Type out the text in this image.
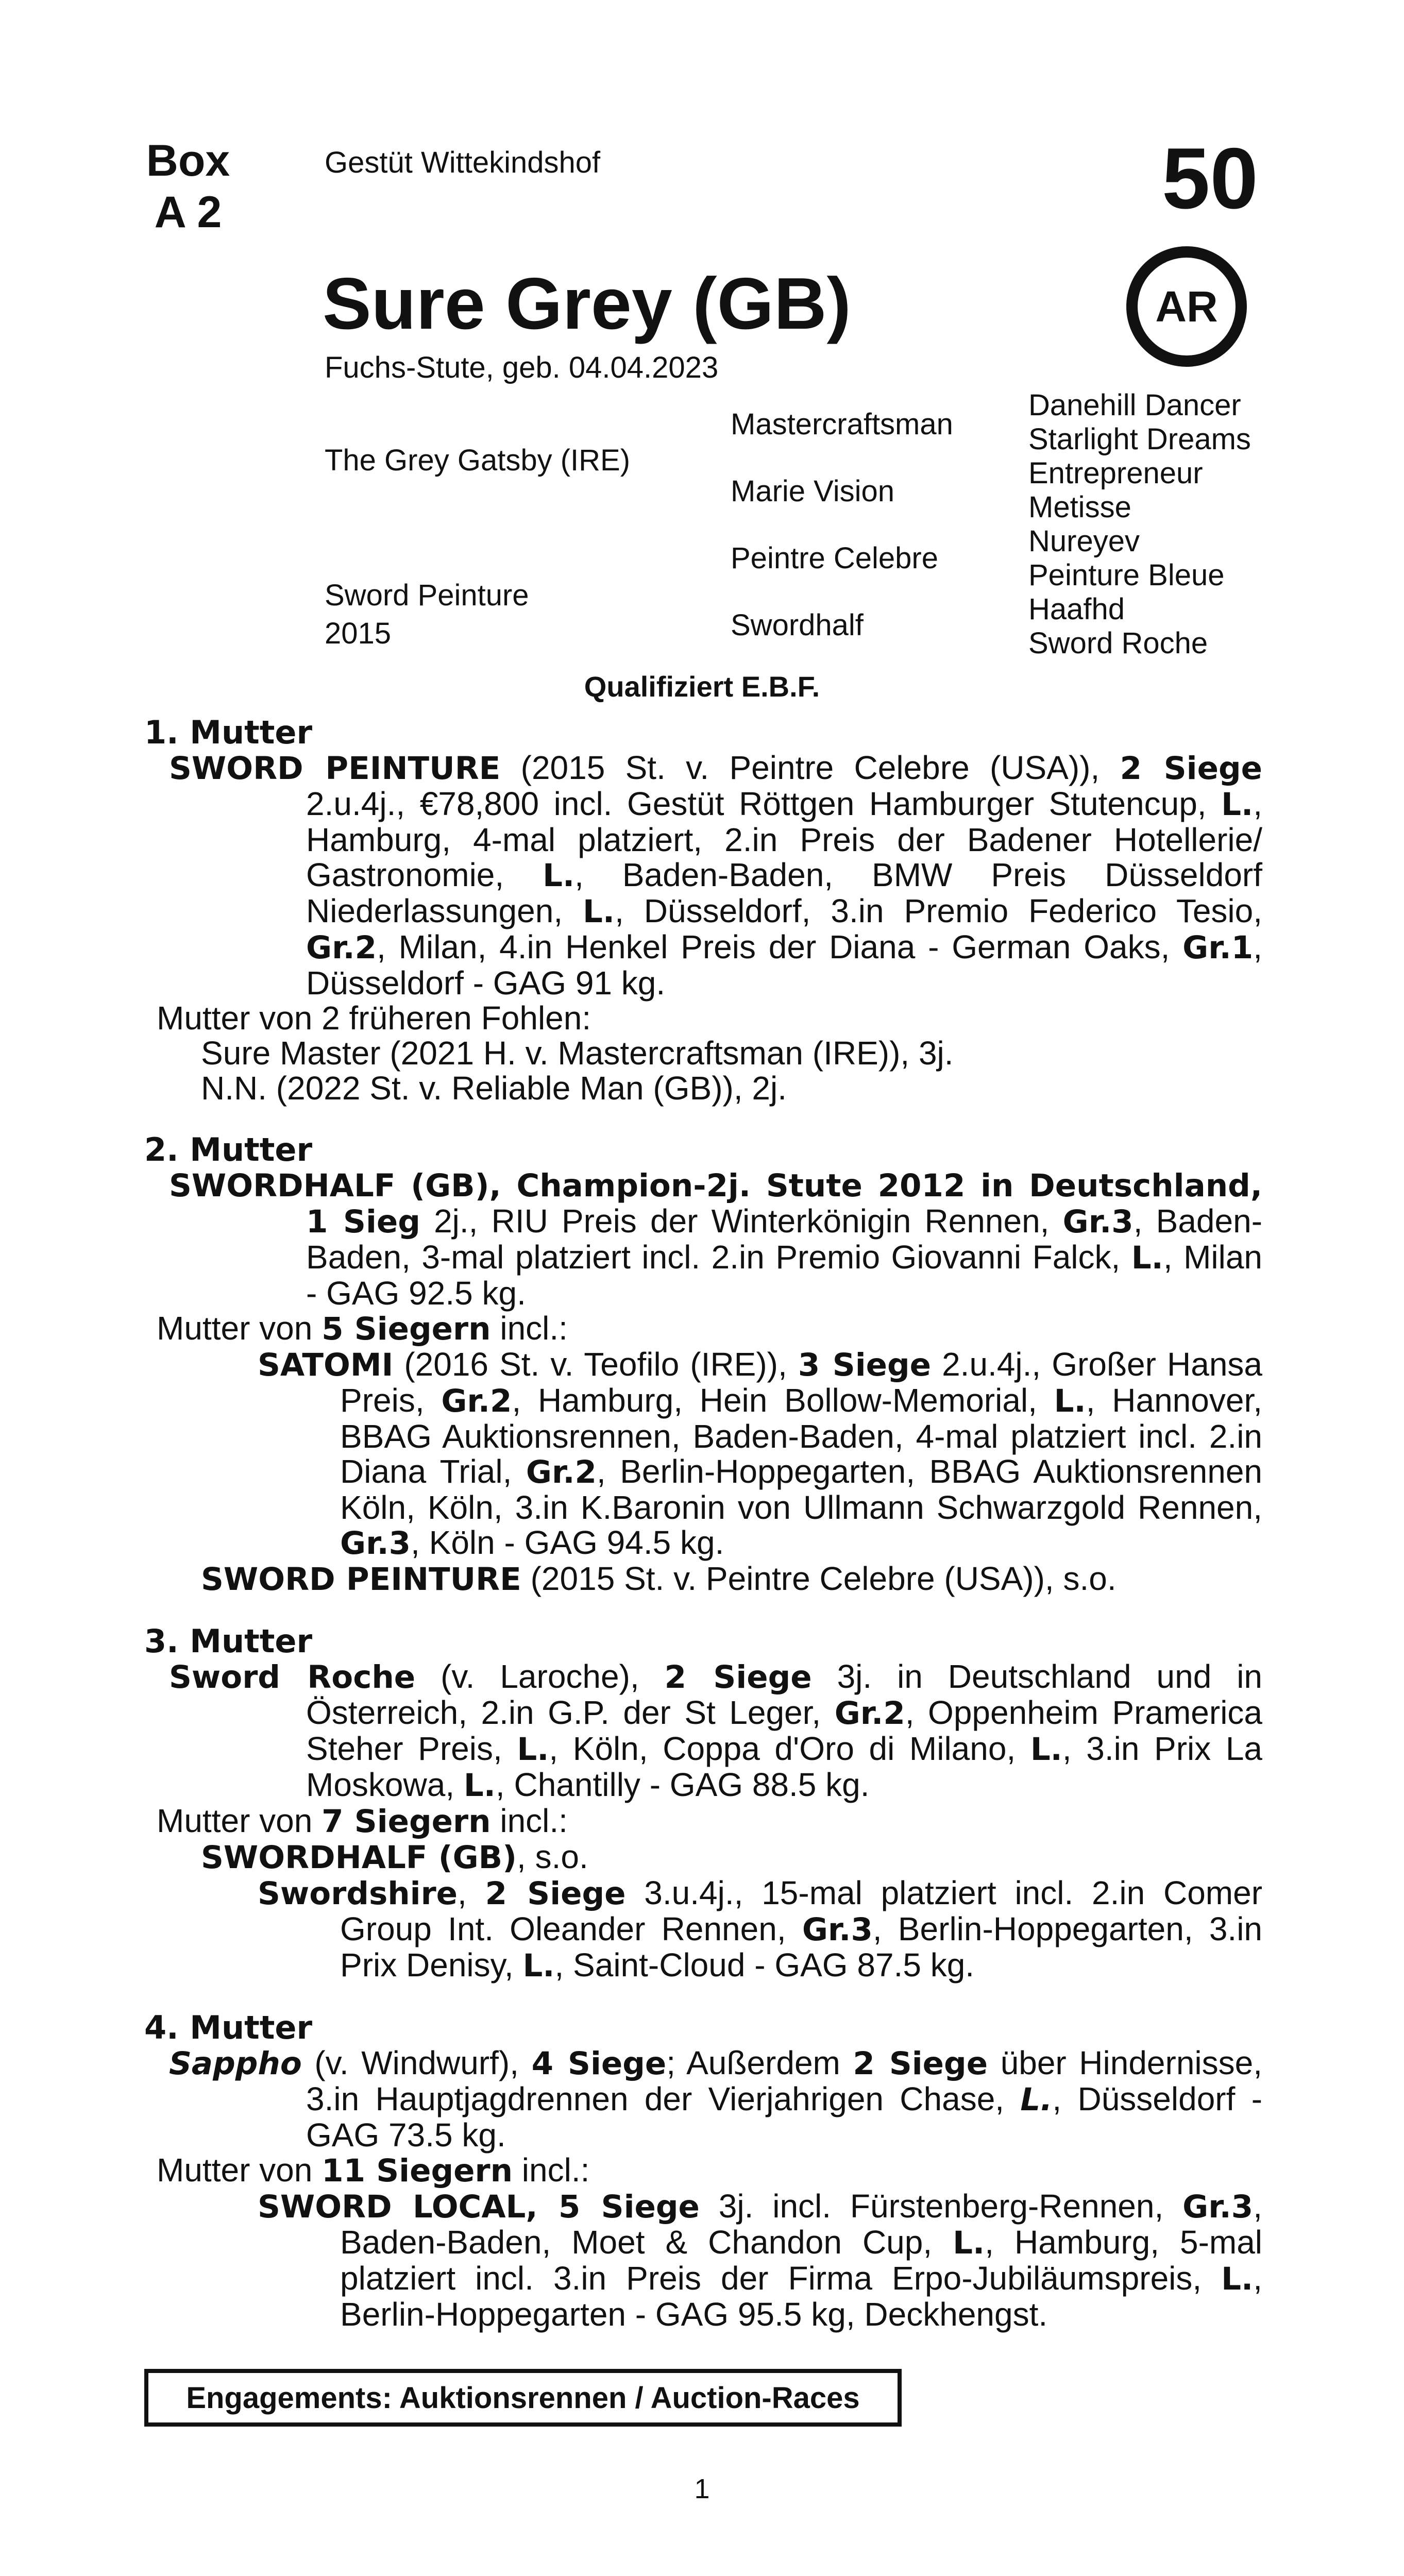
Box
A 2
Gestüt Wittekindshof	50
AR
Sure Grey (GB)
Fuchs-Stute, geb. 04.04.2023
The Grey Gatsby (IRE)
Sword Peinture
2015
Mastercraftsman
Marie Vision
Peintre Celebre
Swordhalf
Danehill Dancer
Starlight Dreams
Entrepreneur
Metisse
Nureyev
Peinture Bleue
Haafhd
Sword Roche
Qualifiziert E.B.F.
1. Mutter
SWORD PEINTURE (2015 St. v. Peintre Celebre (USA)), 2 Siege 2.u.4j., €78,800 incl. Gestüt Röttgen Hamburger Stutencup, L., Hamburg, 4-mal platziert, 2.in Preis der Badener Hotellerie/ Gastronomie, L., Baden-Baden, BMW Preis Düsseldorf Niederlassungen, L., Düsseldorf, 3.in Premio Federico Tesio, Gr.2, Milan, 4.in Henkel Preis der Diana - German Oaks, Gr.1, Düsseldorf - GAG 91 kg.
Mutter von 2 früheren Fohlen:
Sure Master (2021 H. v. Mastercraftsman (IRE)), 3j.
N.N. (2022 St. v. Reliable Man (GB)), 2j.
2. Mutter
SWORDHALF (GB), Champion-2j. Stute 2012 in Deutschland, 1 Sieg 2j., RIU Preis der Winterkönigin Rennen, Gr.3, Baden-Baden, 3-mal platziert incl. 2.in Premio Giovanni Falck, L., Milan - GAG 92.5 kg.
Mutter von 5 Siegern incl.:
SATOMI (2016 St. v. Teofilo (IRE)), 3 Siege 2.u.4j., Großer Hansa Preis, Gr.2, Hamburg, Hein Bollow-Memorial, L., Hannover, BBAG Auktionsrennen, Baden-Baden, 4-mal platziert incl. 2.in Diana Trial, Gr.2, Berlin-Hoppegarten, BBAG Auktionsrennen Köln, Köln, 3.in K.Baronin von Ullmann Schwarzgold Rennen, Gr.3, Köln - GAG 94.5 kg.
SWORD PEINTURE (2015 St. v. Peintre Celebre (USA)), s.o.
3. Mutter
Sword Roche (v. Laroche), 2 Siege 3j. in Deutschland und in Österreich, 2.in G.P. der St Leger, Gr.2, Oppenheim Pramerica Steher Preis, L., Köln, Coppa d'Oro di Milano, L., 3.in Prix La Moskowa, L., Chantilly - GAG 88.5 kg.
Mutter von 7 Siegern incl.:
SWORDHALF (GB), s.o.
Swordshire, 2 Siege 3.u.4j., 15-mal platziert incl. 2.in Comer Group Int. Oleander Rennen, Gr.3, Berlin-Hoppegarten, 3.in Prix Denisy, L., Saint-Cloud - GAG 87.5 kg.
4. Mutter
Sappho (v. Windwurf), 4 Siege; Außerdem 2 Siege über Hindernisse, 3.in Hauptjagdrennen der Vierjahrigen Chase, L., Düsseldorf - GAG 73.5 kg.
Mutter von 11 Siegern incl.:
SWORD LOCAL, 5 Siege 3j. incl. Fürstenberg-Rennen, Gr.3, Baden-Baden, Moet & Chandon Cup, L., Hamburg, 5-mal platziert incl. 3.in Preis der Firma Erpo-Jubiläumspreis, L., Berlin-Hoppegarten - GAG 95.5 kg, Deckhengst.
Engagements: Auktionsrennen / Auction-Races
1
